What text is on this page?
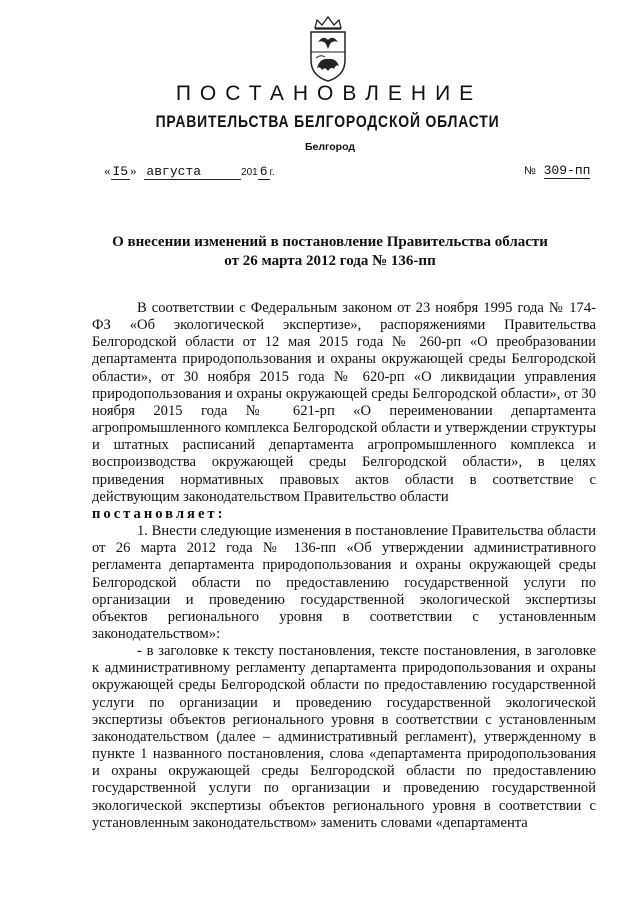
ПОСТАНОВЛЕНИЕ
ПРАВИТЕЛЬСТВА БЕЛГОРОДСКОЙ ОБЛАСТИ
Белгород
« I5 » августа	201 6 г.	№ 309-пп
О внесении изменений в постановление Правительства области
от 26 марта 2012 года № 136-пп

В соответствии с Федеральным законом от 23 ноября 1995 года № 174-ФЗ «Об экологической экспертизе», распоряжениями Правительства Белгородской области от 12 мая 2015 года № 260-рп «О преобразовании департамента природопользования и охраны окружающей среды Белгородской области», от 30 ноября 2015 года № 620-рп «О ликвидации управления природопользования и охраны окружающей среды Белгородской области», от 30 ноября 2015 года № 621-рп «О переименовании департамента агропромышленного комплекса Белгородской области и утверждении структуры и штатных расписаний департамента агропромышленного комплекса и воспроизводства окружающей среды Белгородской области», в целях приведения нормативных правовых актов области в соответствие с действующим законодательством Правительство области

постановляет:

1. Внести следующие изменения в постановление Правительства области от 26 марта 2012 года № 136-пп «Об утверждении административного регламента департамента природопользования и охраны окружающей среды Белгородской области по предоставлению государственной услуги по организации и проведению государственной экологической экспертизы объектов регионального уровня в соответствии с установленным законодательством»:

- в заголовке к тексту постановления, тексте постановления, в заголовке к административному регламенту департамента природопользования и охраны окружающей среды Белгородской области по предоставлению государственной услуги по организации и проведению государственной экологической экспертизы объектов регионального уровня в соответствии с установленным законодательством (далее – административный регламент), утвержденному в пункте 1 названного постановления, слова «департамента природопользования и охраны окружающей среды Белгородской области по предоставлению государственной услуги по организации и проведению государственной экологической экспертизы объектов регионального уровня в соответствии с установленным законодательством» заменить словами «департамента
